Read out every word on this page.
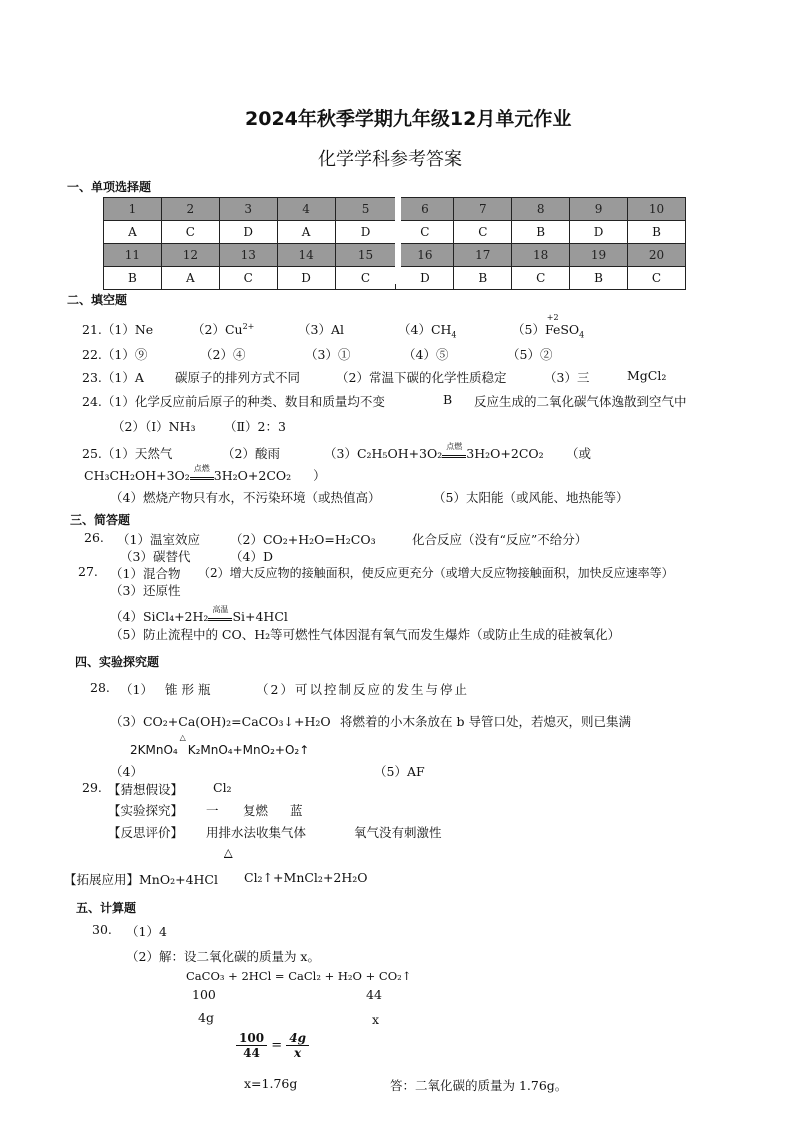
2024年秋季学期九年级12月单元作业
化学学科参考答案
一、单项选择题
1	2	3	4	5	6	7	8	9	10
A	C	D	A	D	C	C	B	D	B
11	12	13	14	15	16	17	18	19	20
B	A	C	D	C	D	B	C	B	C
二、填空题
21.（1）Ne	$(2)Cu^{2+}$	（3）Al	$(4)CH_4$	（5）
+2
FeSO$_4$
22.（1）⑨	（2）④	（3）①	（4）⑤	（5）②
23.（1）A 碳原子的排列方式不同	（2）常温下碳的化学性质稳定	（3）三	MgCl₂
24.（1）化学反应前后原子的种类、数目和质量均不变	B 反应生成的二氧化碳气体逸散到空气中
（2）（Ⅰ）NH₃ （Ⅱ）2：3
25.（1）天然气	（2）酸雨	（3）C₂H₅OH+3O₂ 点燃 3H₂O+2CO₂ （或
CH₃CH₂OH+3O₂ 点燃 3H₂O+2CO₂ ）
（4）燃烧产物只有水，不污染环境（或热值高）	（5）太阳能（或风能、地热能等）
三、简答题
26. （1）温室效应 （2）CO₂+H₂O=H₂CO₃	化合反应（没有“反应”不给分）
（3）碳替代	（4）D
27. （1）混合物 （2）增大反应物的接触面积，使反应更充分（或增大反应物接触面积，加快反应速率等）
（3）还原性
（4）SiCl₄+2H₂ 高温 Si+4HCl
（5）防止流程中的 CO、H₂等可燃性气体因混有氧气而发生爆炸（或防止生成的硅被氧化）
四、实验探究题
28. （1） 锥形瓶	（2）可以控制反应的发生与停止
（3）CO₂+Ca(OH)₂=CaCO₃↓+H₂O 将燃着的小木条放在 b 导管口处，若熄灭，则已集满
2KMnO₄
△
K₂MnO₄+MnO₂+O₂↑
（4）	（5）AF
29. 【猜想假设】 Cl₂
【实验探究】 一 复燃 蓝
【反思评价】 用排水法收集气体	氧气没有刺激性
△
【拓展应用】MnO₂+4HCl Cl₂↑+MnCl₂+2H₂O
五、计算题
30. （1）4
（2）解：设二氧化碳的质量为 x。
CaCO₃ + 2HCl = CaCl₂ + H₂O + CO₂↑
100	44
4g	x
$\frac{100}{44} = \frac{4g}{x}$
x=1.76g	答：二氧化碳的质量为 1.76g。
